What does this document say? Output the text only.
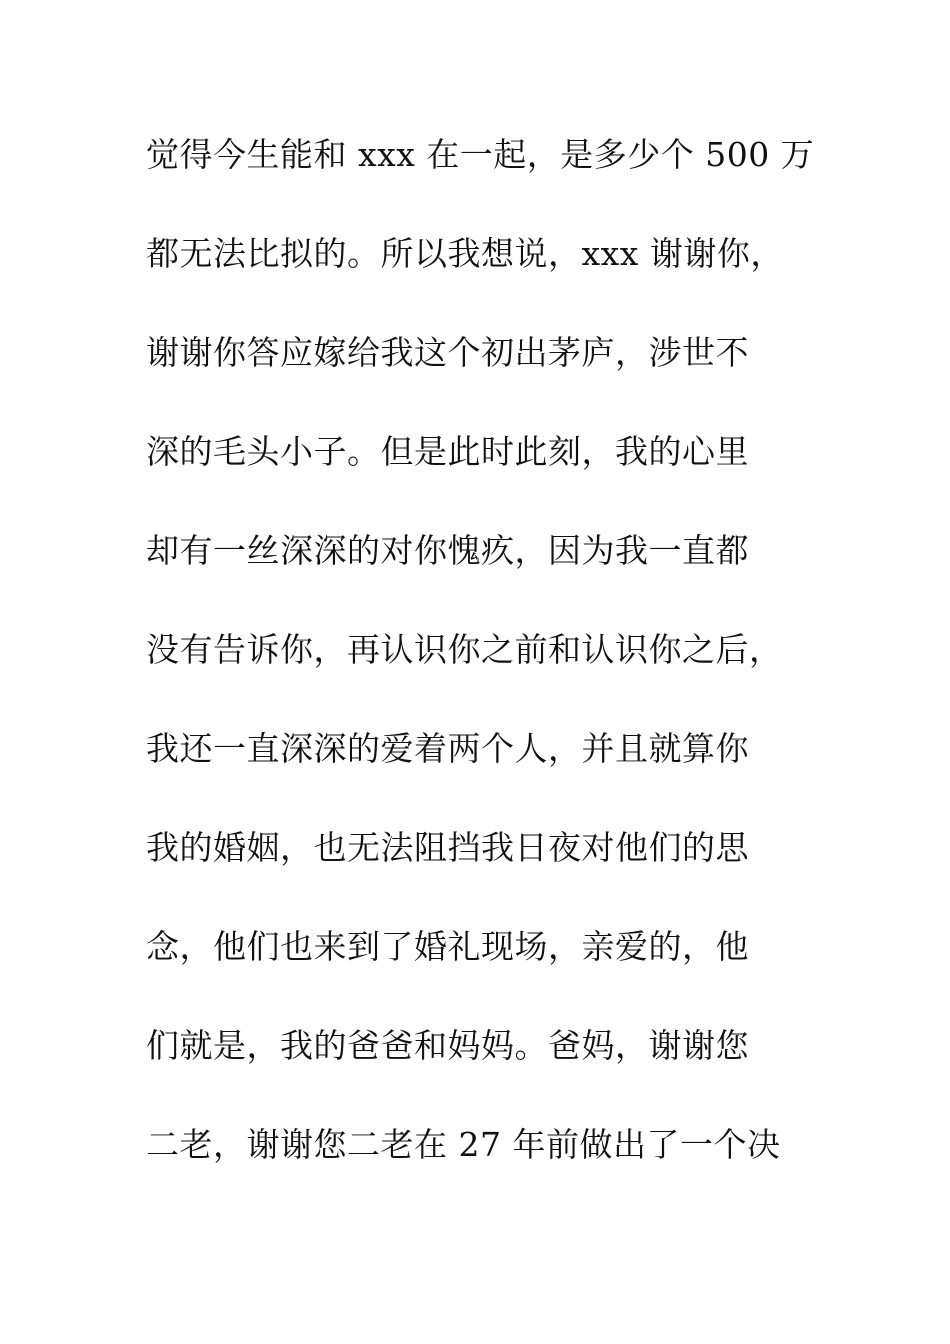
觉得今生能和 xxx 在一起，是多少个 500 万
都无法比拟的。所以我想说，xxx 谢谢你，
谢谢你答应嫁给我这个初出茅庐，涉世不
深的毛头小子。但是此时此刻，我的心里
却有一丝深深的对你愧疚，因为我一直都
没有告诉你，再认识你之前和认识你之后，
我还一直深深的爱着两个人，并且就算你
我的婚姻，也无法阻挡我日夜对他们的思
念，他们也来到了婚礼现场，亲爱的，他
们就是，我的爸爸和妈妈。爸妈，谢谢您
二老，谢谢您二老在 27 年前做出了一个决
